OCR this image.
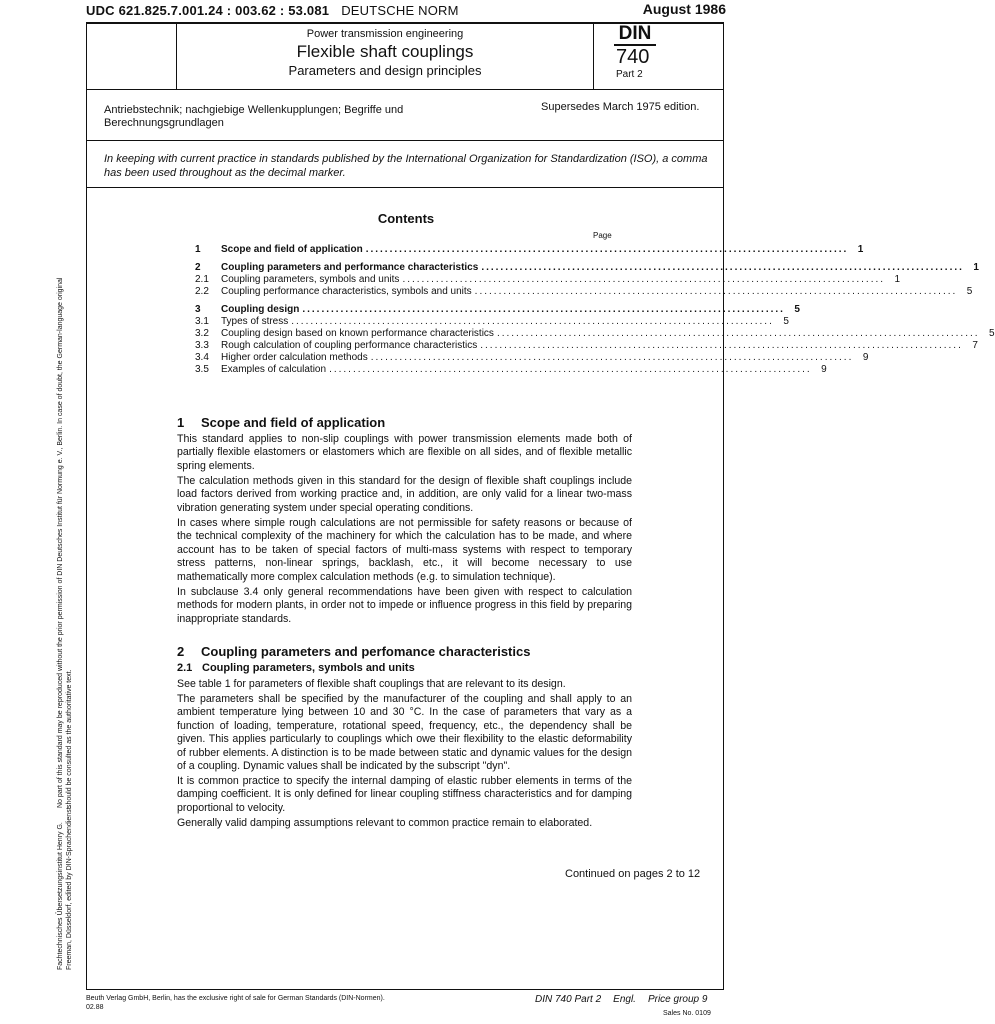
UDC 621.825.7.001.24 : 003.62 : 53.081 DEUTSCHE NORM	August 1986
Power transmission engineering
Flexible shaft couplings
Parameters and design principles
DIN
740
Part 2
Antriebstechnik; nachgiebige Wellenkupplungen; Begriffe und Berechnungsgrundlagen
Supersedes March 1975 edition.
In keeping with current practice in standards published by the International Organization for Standardization (ISO), a comma has been used throughout as the decimal marker.
Contents
Page
1	Scope and field of application ..................................................................................................... 1
2	Coupling parameters and performance characteristics ..................................................................................................... 1
2.1	Coupling parameters, symbols and units ..................................................................................................... 1
2.2	Coupling performance characteristics, symbols and units ..................................................................................................... 5
3	Coupling design ..................................................................................................... 5
3.1	Types of stress ..................................................................................................... 5
3.2	Coupling design based on known performance characteristics ..................................................................................................... 5
3.3	Rough calculation of coupling performance characteristics ..................................................................................................... 7
3.4	Higher order calculation methods ..................................................................................................... 9
3.5	Examples of calculation ..................................................................................................... 9
1 Scope and field of application
This standard applies to non-slip couplings with power transmission elements made both of partially flexible elastomers or elastomers which are flexible on all sides, and of flexible metallic spring elements.
The calculation methods given in this standard for the design of flexible shaft couplings include load factors derived from working practice and, in addition, are only valid for a linear two-mass vibration generating system under special operating conditions.
In cases where simple rough calculations are not permissible for safety reasons or because of the technical complexity of the machinery for which the calculation has to be made, and where account has to be taken of special factors of multi-mass systems with respect to temporary stress patterns, non-linear springs, backlash, etc., it will become necessary to use mathematically more complex calculation methods (e.g. to simulation technique).
In subclause 3.4 only general recommendations have been given with respect to calculation methods for modern plants, in order not to impede or influence progress in this field by preparing inappropriate standards.
2 Coupling parameters and perfomance characteristics
2.1 Coupling parameters, symbols and units
See table 1 for parameters of flexible shaft couplings that are relevant to its design.
The parameters shall be specified by the manufacturer of the coupling and shall apply to an ambient temperature lying between 10 and 30 °C. In the case of parameters that vary as a function of loading, temperature, rotational speed, frequency, etc., the dependency shall be given. This applies particularly to couplings which owe their flexibility to the elastic deformability of rubber elements. A distinction is to be made between static and dynamic values for the design of a coupling. Dynamic values shall be indicated by the subscript "dyn".
It is common practice to specify the internal damping of elastic rubber elements in terms of the damping coefficient. It is only defined for linear coupling stiffness characteristics and for damping proportional to velocity.
Generally valid damping assumptions relevant to common practice remain to elaborated.
Continued on pages 2 to 12
No part of this standard may be reproduced without the prior permission of DIN Deutsches Institut für Normung e. V., Berlin. In case of doubt, the German-language original should be consulted as the authoritative text.
Fachtechnisches Übersetzungsinstitut Henry G. Freeman, Düsseldorf, edited by DIN-Sprachendienst.
Beuth Verlag GmbH, Berlin, has the exclusive right of sale for German Standards (DIN-Normen).
02.88
DIN 740 Part 2 Engl. Price group 9
Sales No. 0109
